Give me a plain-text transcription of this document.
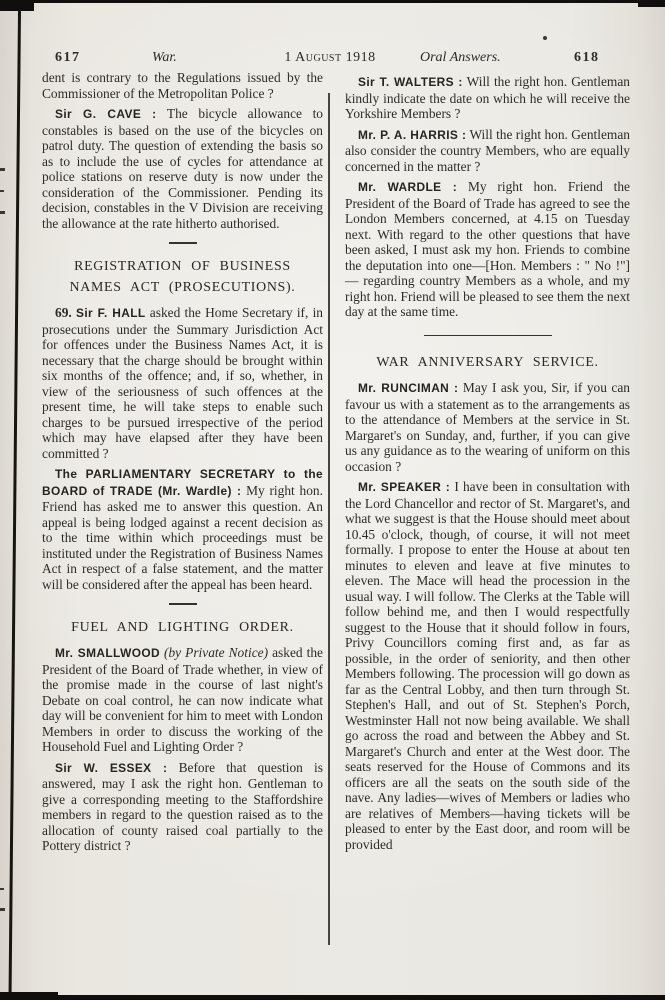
617	War.	1 August 1918	Oral Answers.	618

dent is contrary to the Regulations issued by the Commissioner of the Metropolitan Police ?

Sir G. CAVE : The bicycle allowance to constables is based on the use of the bicycles on patrol duty. The question of extending the basis so as to include the use of cycles for attendance at police stations on reserve duty is now under the consideration of the Commissioner. Pending its decision, constables in the V Division are receiving the allowance at the rate hitherto authorised.

REGISTRATION OF BUSINESS
NAMES ACT (PROSECUTIONS).

69. Sir F. HALL asked the Home Secretary if, in prosecutions under the Summary Jurisdiction Act for offences under the Business Names Act, it is necessary that the charge should be brought within six months of the offence; and, if so, whether, in view of the seriousness of such offences at the present time, he will take steps to enable such charges to be pursued irrespective of the period which may have elapsed after they have been committed ?

The PARLIAMENTARY SECRETARY to the BOARD of TRADE (Mr. Wardle) : My right hon. Friend has asked me to answer this question. An appeal is being lodged against a recent decision as to the time within which proceedings must be instituted under the Registration of Business Names Act in respect of a false statement, and the matter will be considered after the appeal has been heard.

FUEL AND LIGHTING ORDER.

Mr. SMALLWOOD (by Private Notice) asked the President of the Board of Trade whether, in view of the promise made in the course of last night's Debate on coal control, he can now indicate what day will be convenient for him to meet with London Members in order to discuss the working of the Household Fuel and Lighting Order ?

Sir W. ESSEX : Before that question is answered, may I ask the right hon. Gentleman to give a corresponding meeting to the Staffordshire members in regard to the question raised as to the allocation of county raised coal partially to the Pottery district ?

Sir T. WALTERS : Will the right hon. Gentleman kindly indicate the date on which he will receive the Yorkshire Members ?

Mr. P. A. HARRIS : Will the right hon. Gentleman also consider the country Members, who are equally concerned in the matter ?

Mr. WARDLE : My right hon. Friend the President of the Board of Trade has agreed to see the London Members concerned, at 4.15 on Tuesday next. With regard to the other questions that have been asked, I must ask my hon. Friends to combine the deputation into one—[Hon. Members : " No !"] — regarding country Members as a whole, and my right hon. Friend will be pleased to see them the next day at the same time.

WAR ANNIVERSARY SERVICE.

Mr. RUNCIMAN : May I ask you, Sir, if you can favour us with a statement as to the arrangements as to the attendance of Members at the service in St. Margaret's on Sunday, and, further, if you can give us any guidance as to the wearing of uniform on this occasion ?

Mr. SPEAKER : I have been in consultation with the Lord Chancellor and rector of St. Margaret's, and what we suggest is that the House should meet about 10.45 o'clock, though, of course, it will not meet formally. I propose to enter the House at about ten minutes to eleven and leave at five minutes to eleven. The Mace will head the procession in the usual way. I will follow. The Clerks at the Table will follow behind me, and then I would respectfully suggest to the House that it should follow in fours, Privy Councillors coming first and, as far as possible, in the order of seniority, and then other Members following. The procession will go down as far as the Central Lobby, and then turn through St. Stephen's Hall, and out of St. Stephen's Porch, Westminster Hall not now being available. We shall go across the road and between the Abbey and St. Margaret's Church and enter at the West door. The seats reserved for the House of Commons and its officers are all the seats on the south side of the nave. Any ladies—wives of Members or ladies who are relatives of Members—having tickets will be pleased to enter by the East door, and room will be provided
